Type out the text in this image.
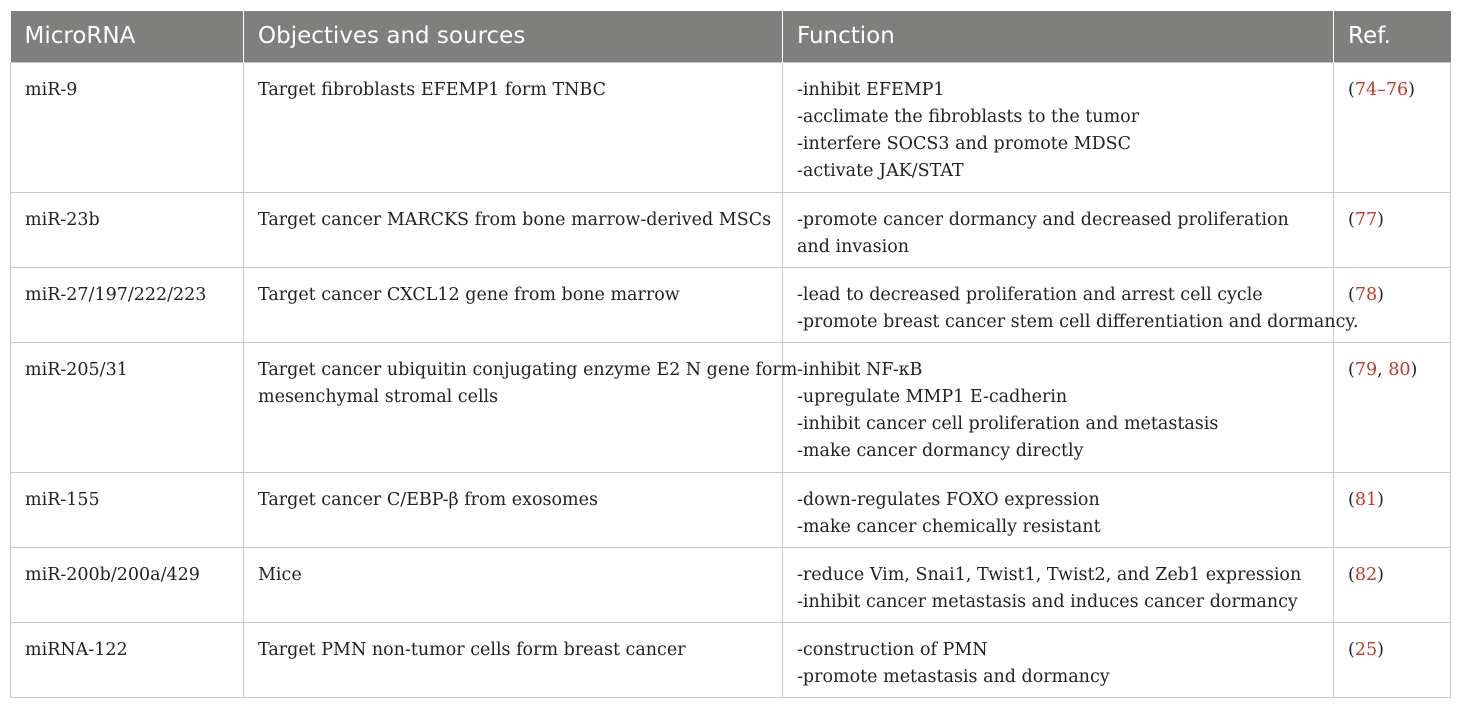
MicroRNA	Objectives and sources	Function	Ref.

miR-9	Target fibroblasts EFEMP1 form TNBC	-inhibit EFEMP1
-acclimate the fibroblasts to the tumor
-interfere SOCS3 and promote MDSC
-activate JAK/STAT	(74–76)

miR-23b	Target cancer MARCKS from bone marrow-derived MSCs	-promote cancer dormancy and decreased proliferation
and invasion	(77)

miR-27/197/222/223	Target cancer CXCL12 gene from bone marrow	-lead to decreased proliferation and arrest cell cycle
-promote breast cancer stem cell differentiation and dormancy.	(78)

miR-205/31	Target cancer ubiquitin conjugating enzyme E2 N gene form
mesenchymal stromal cells	-inhibit NF-κB
-upregulate MMP1 E-cadherin
-inhibit cancer cell proliferation and metastasis
-make cancer dormancy directly	(79, 80)

miR-155	Target cancer C/EBP-β from exosomes	-down-regulates FOXO expression
-make cancer chemically resistant	(81)

miR-200b/200a/429	Mice	-reduce Vim, Snai1, Twist1, Twist2, and Zeb1 expression
-inhibit cancer metastasis and induces cancer dormancy	(82)

miRNA-122	Target PMN non-tumor cells form breast cancer	-construction of PMN
-promote metastasis and dormancy	(25)
